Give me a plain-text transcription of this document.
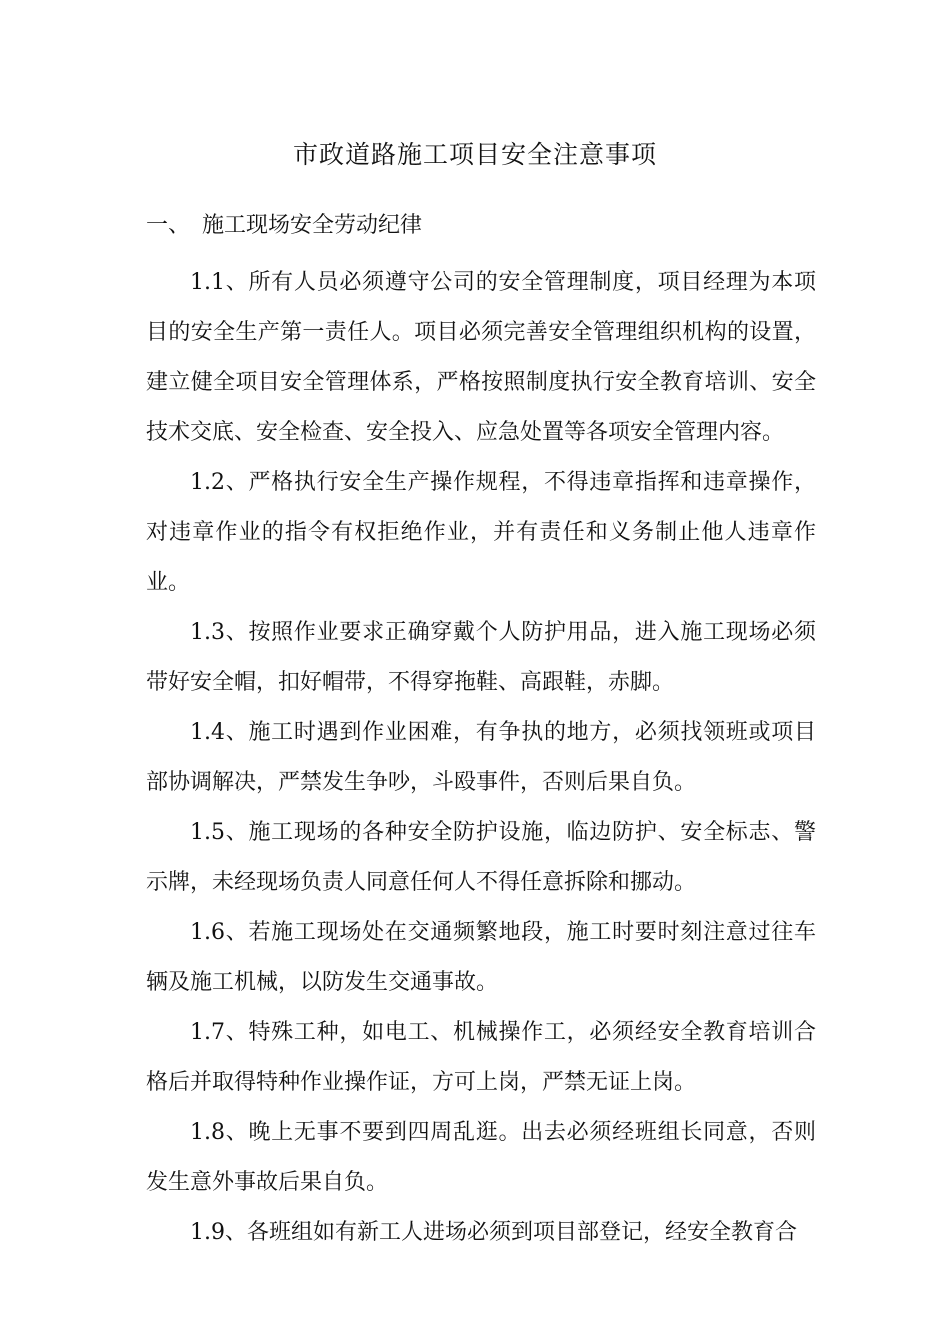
市政道路施工项目安全注意事项
一、 施工现场安全劳动纪律

1.1、所有人员必须遵守公司的安全管理制度，项目经理为本项目的安全生产第一责任人。项目必须完善安全管理组织机构的设置，建立健全项目安全管理体系，严格按照制度执行安全教育培训、安全技术交底、安全检查、安全投入、应急处置等各项安全管理内容。

1.2、严格执行安全生产操作规程，不得违章指挥和违章操作，对违章作业的指令有权拒绝作业，并有责任和义务制止他人违章作业。

1.3、按照作业要求正确穿戴个人防护用品，进入施工现场必须带好安全帽，扣好帽带，不得穿拖鞋、高跟鞋，赤脚。

1.4、施工时遇到作业困难，有争执的地方，必须找领班或项目部协调解决，严禁发生争吵，斗殴事件，否则后果自负。

1.5、施工现场的各种安全防护设施，临边防护、安全标志、警示牌，未经现场负责人同意任何人不得任意拆除和挪动。

1.6、若施工现场处在交通频繁地段，施工时要时刻注意过往车辆及施工机械，以防发生交通事故。

1.7、特殊工种，如电工、机械操作工，必须经安全教育培训合格后并取得特种作业操作证，方可上岗，严禁无证上岗。

1.8、晚上无事不要到四周乱逛。出去必须经班组长同意，否则发生意外事故后果自负。

1.9、各班组如有新工人进场必须到项目部登记，经安全教育合
